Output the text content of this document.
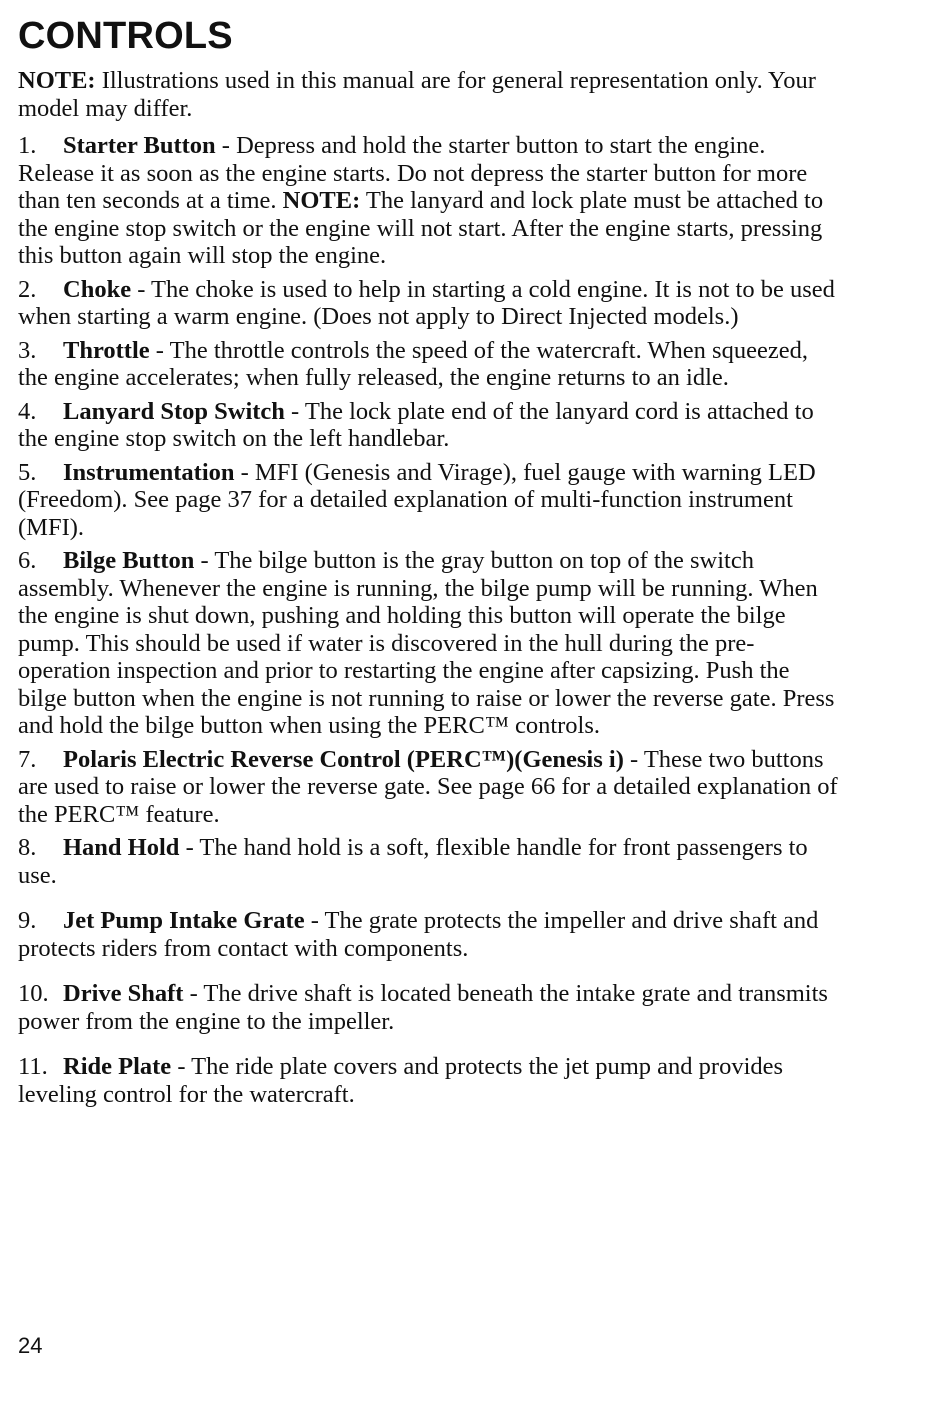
CONTROLS

NOTE: Illustrations used in this manual are for general representation only. Your model may differ.

1. Starter Button - Depress and hold the starter button to start the engine. Release it as soon as the engine starts. Do not depress the starter button for more than ten seconds at a time. NOTE: The lanyard and lock plate must be attached to the engine stop switch or the engine will not start. After the engine starts, pressing this button again will stop the engine.

2. Choke - The choke is used to help in starting a cold engine. It is not to be used when starting a warm engine. (Does not apply to Direct Injected models.)

3. Throttle - The throttle controls the speed of the watercraft. When squeezed, the engine accelerates; when fully released, the engine returns to an idle.

4. Lanyard Stop Switch - The lock plate end of the lanyard cord is attached to the engine stop switch on the left handlebar.

5. Instrumentation - MFI (Genesis and Virage), fuel gauge with warning LED (Freedom). See page 37 for a detailed explanation of multi-function instrument (MFI).

6. Bilge Button - The bilge button is the gray button on top of the switch assembly. Whenever the engine is running, the bilge pump will be running. When the engine is shut down, pushing and holding this button will operate the bilge pump. This should be used if water is discovered in the hull during the pre-operation inspection and prior to restarting the engine after capsizing. Push the bilge button when the engine is not running to raise or lower the reverse gate. Press and hold the bilge button when using the PERC™ controls.

7. Polaris Electric Reverse Control (PERC™)(Genesis i) - These two buttons are used to raise or lower the reverse gate. See page 66 for a detailed explanation of the PERC™ feature.

8. Hand Hold - The hand hold is a soft, flexible handle for front passengers to use.

9. Jet Pump Intake Grate - The grate protects the impeller and drive shaft and protects riders from contact with components.

10. Drive Shaft - The drive shaft is located beneath the intake grate and transmits power from the engine to the impeller.

11. Ride Plate - The ride plate covers and protects the jet pump and provides leveling control for the watercraft.

24
